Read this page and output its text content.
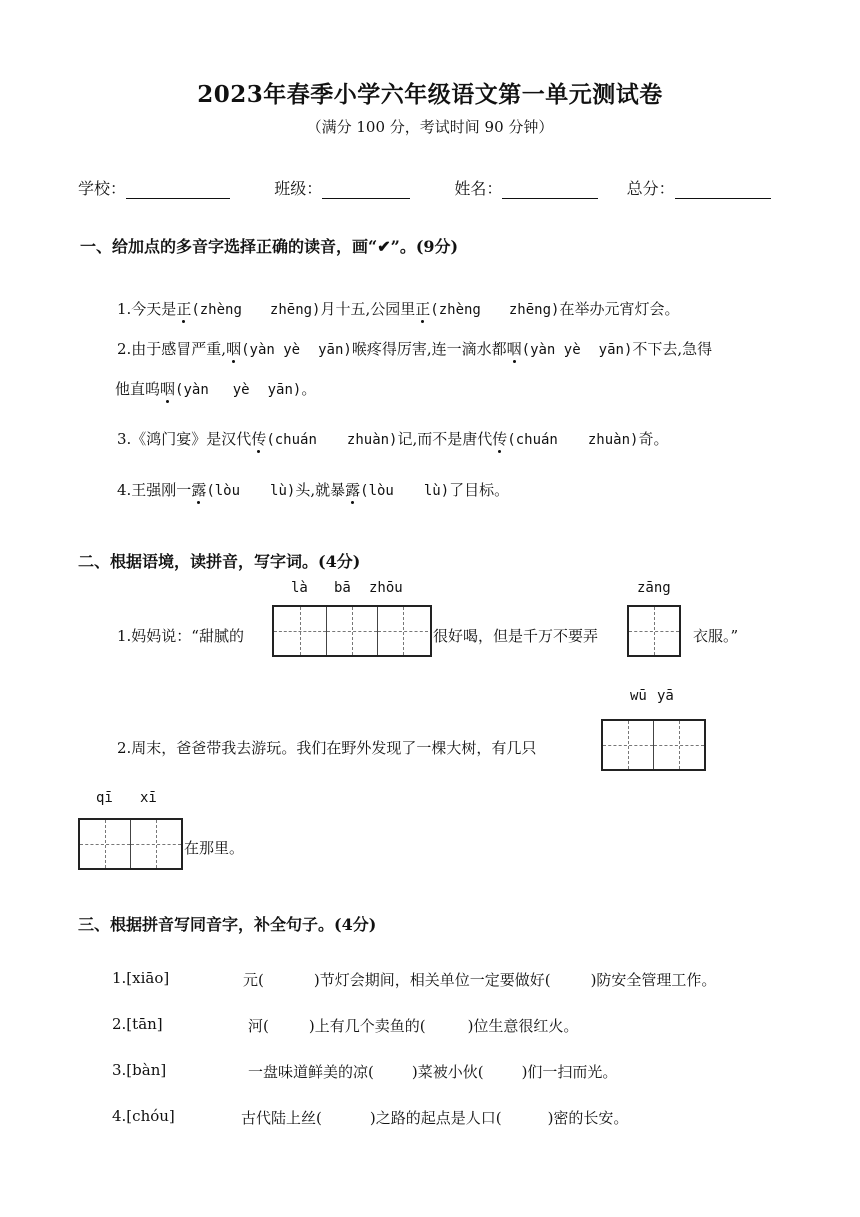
2023年春季小学六年级语文第一单元测试卷
（满分 100 分，考试时间 90 分钟）
学校：	班级：	姓名：	总分：
一、给加点的多音字选择正确的读音，画“✔”。(9分)
1.今天是正(zhèng zhēng)月十五,公园里正(zhèng zhēng)在举办元宵灯会。
2.由于感冒严重,咽(yàn yè yān)喉疼得厉害,连一滴水都咽(yàn yè yān)不下去,急得
他直呜咽(yàn yè yān)。
3.《鸿门宴》是汉代传(chuán zhuàn)记,而不是唐代传(chuán zhuàn)奇。
4.王强刚一露(lòu lù)头,就暴露(lòu lù)了目标。
二、根据语境，读拼音，写字词。(4分)
là bā zhōu	zāng
1.妈妈说：“甜腻的	很好喝，但是千万不要弄	衣服。”
wū yā
2.周末，爸爸带我去游玩。我们在野外发现了一棵大树，有几只
qī xī
在那里。
三、根据拼音写同音字，补全句子。(4分)
1.[xiāo]	元(	)节灯会期间，相关单位一定要做好(	)防安全管理工作。
2.[tān]	河(	)上有几个卖鱼的(	)位生意很红火。
3.[bàn]	一盘味道鲜美的凉(	)菜被小伙(	)们一扫而光。
4.[chóu]	古代陆上丝(	)之路的起点是人口(	)密的长安。
